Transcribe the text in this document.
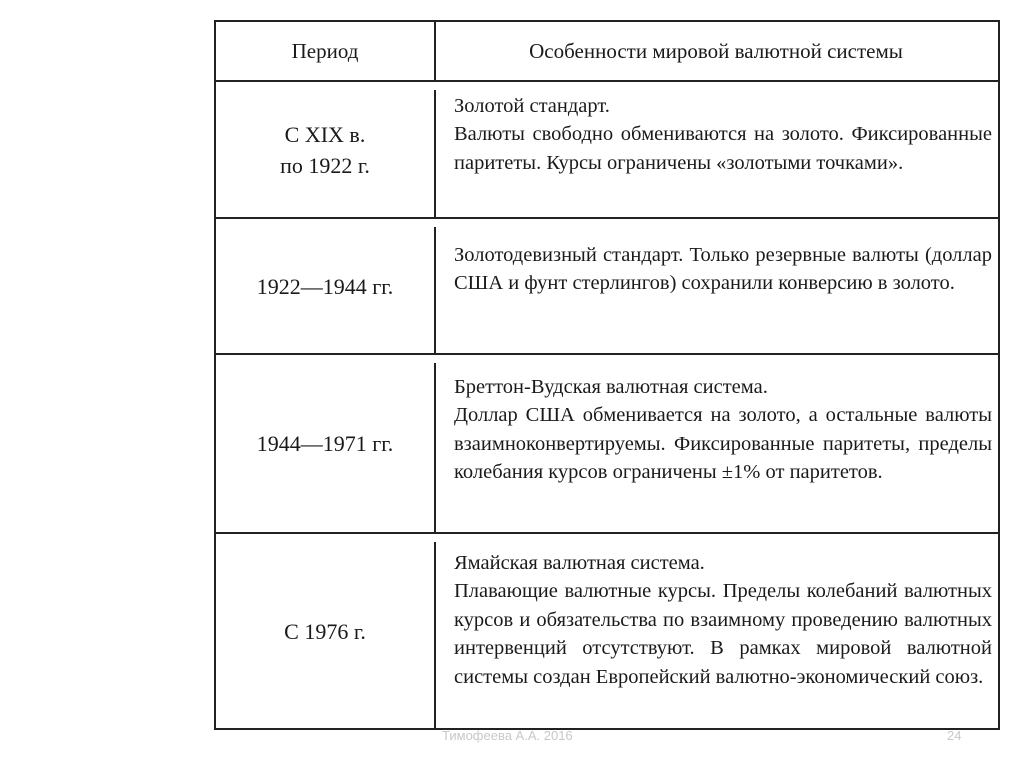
Период	Особенности мировой валютной системы
С XIX в.
по 1922 г.

Золотой стандарт.

Валюты свободно обмениваются на золото. Фиксированные паритеты. Курсы ограничены «золотыми точками».

1922—1944 гг.

Золотодевизный стандарт. Только резервные валюты (доллар США и фунт стерлингов) сохранили конверсию в золото.

1944—1971 гг.

Бреттон-Вудская валютная система.

Доллар США обменивается на золото, а остальные валюты взаимноконвертируемы. Фиксированные паритеты, пределы колебания курсов ограничены ±1% от паритетов.

С 1976 г.

Ямайская валютная система.

Плавающие валютные курсы. Пределы колебаний валютных курсов и обязательства по взаимному проведению валютных интервенций отсутствуют. В рамках мировой валютной системы создан Европейский валютно-экономический союз.

Тимофеева А.А. 2016	24
